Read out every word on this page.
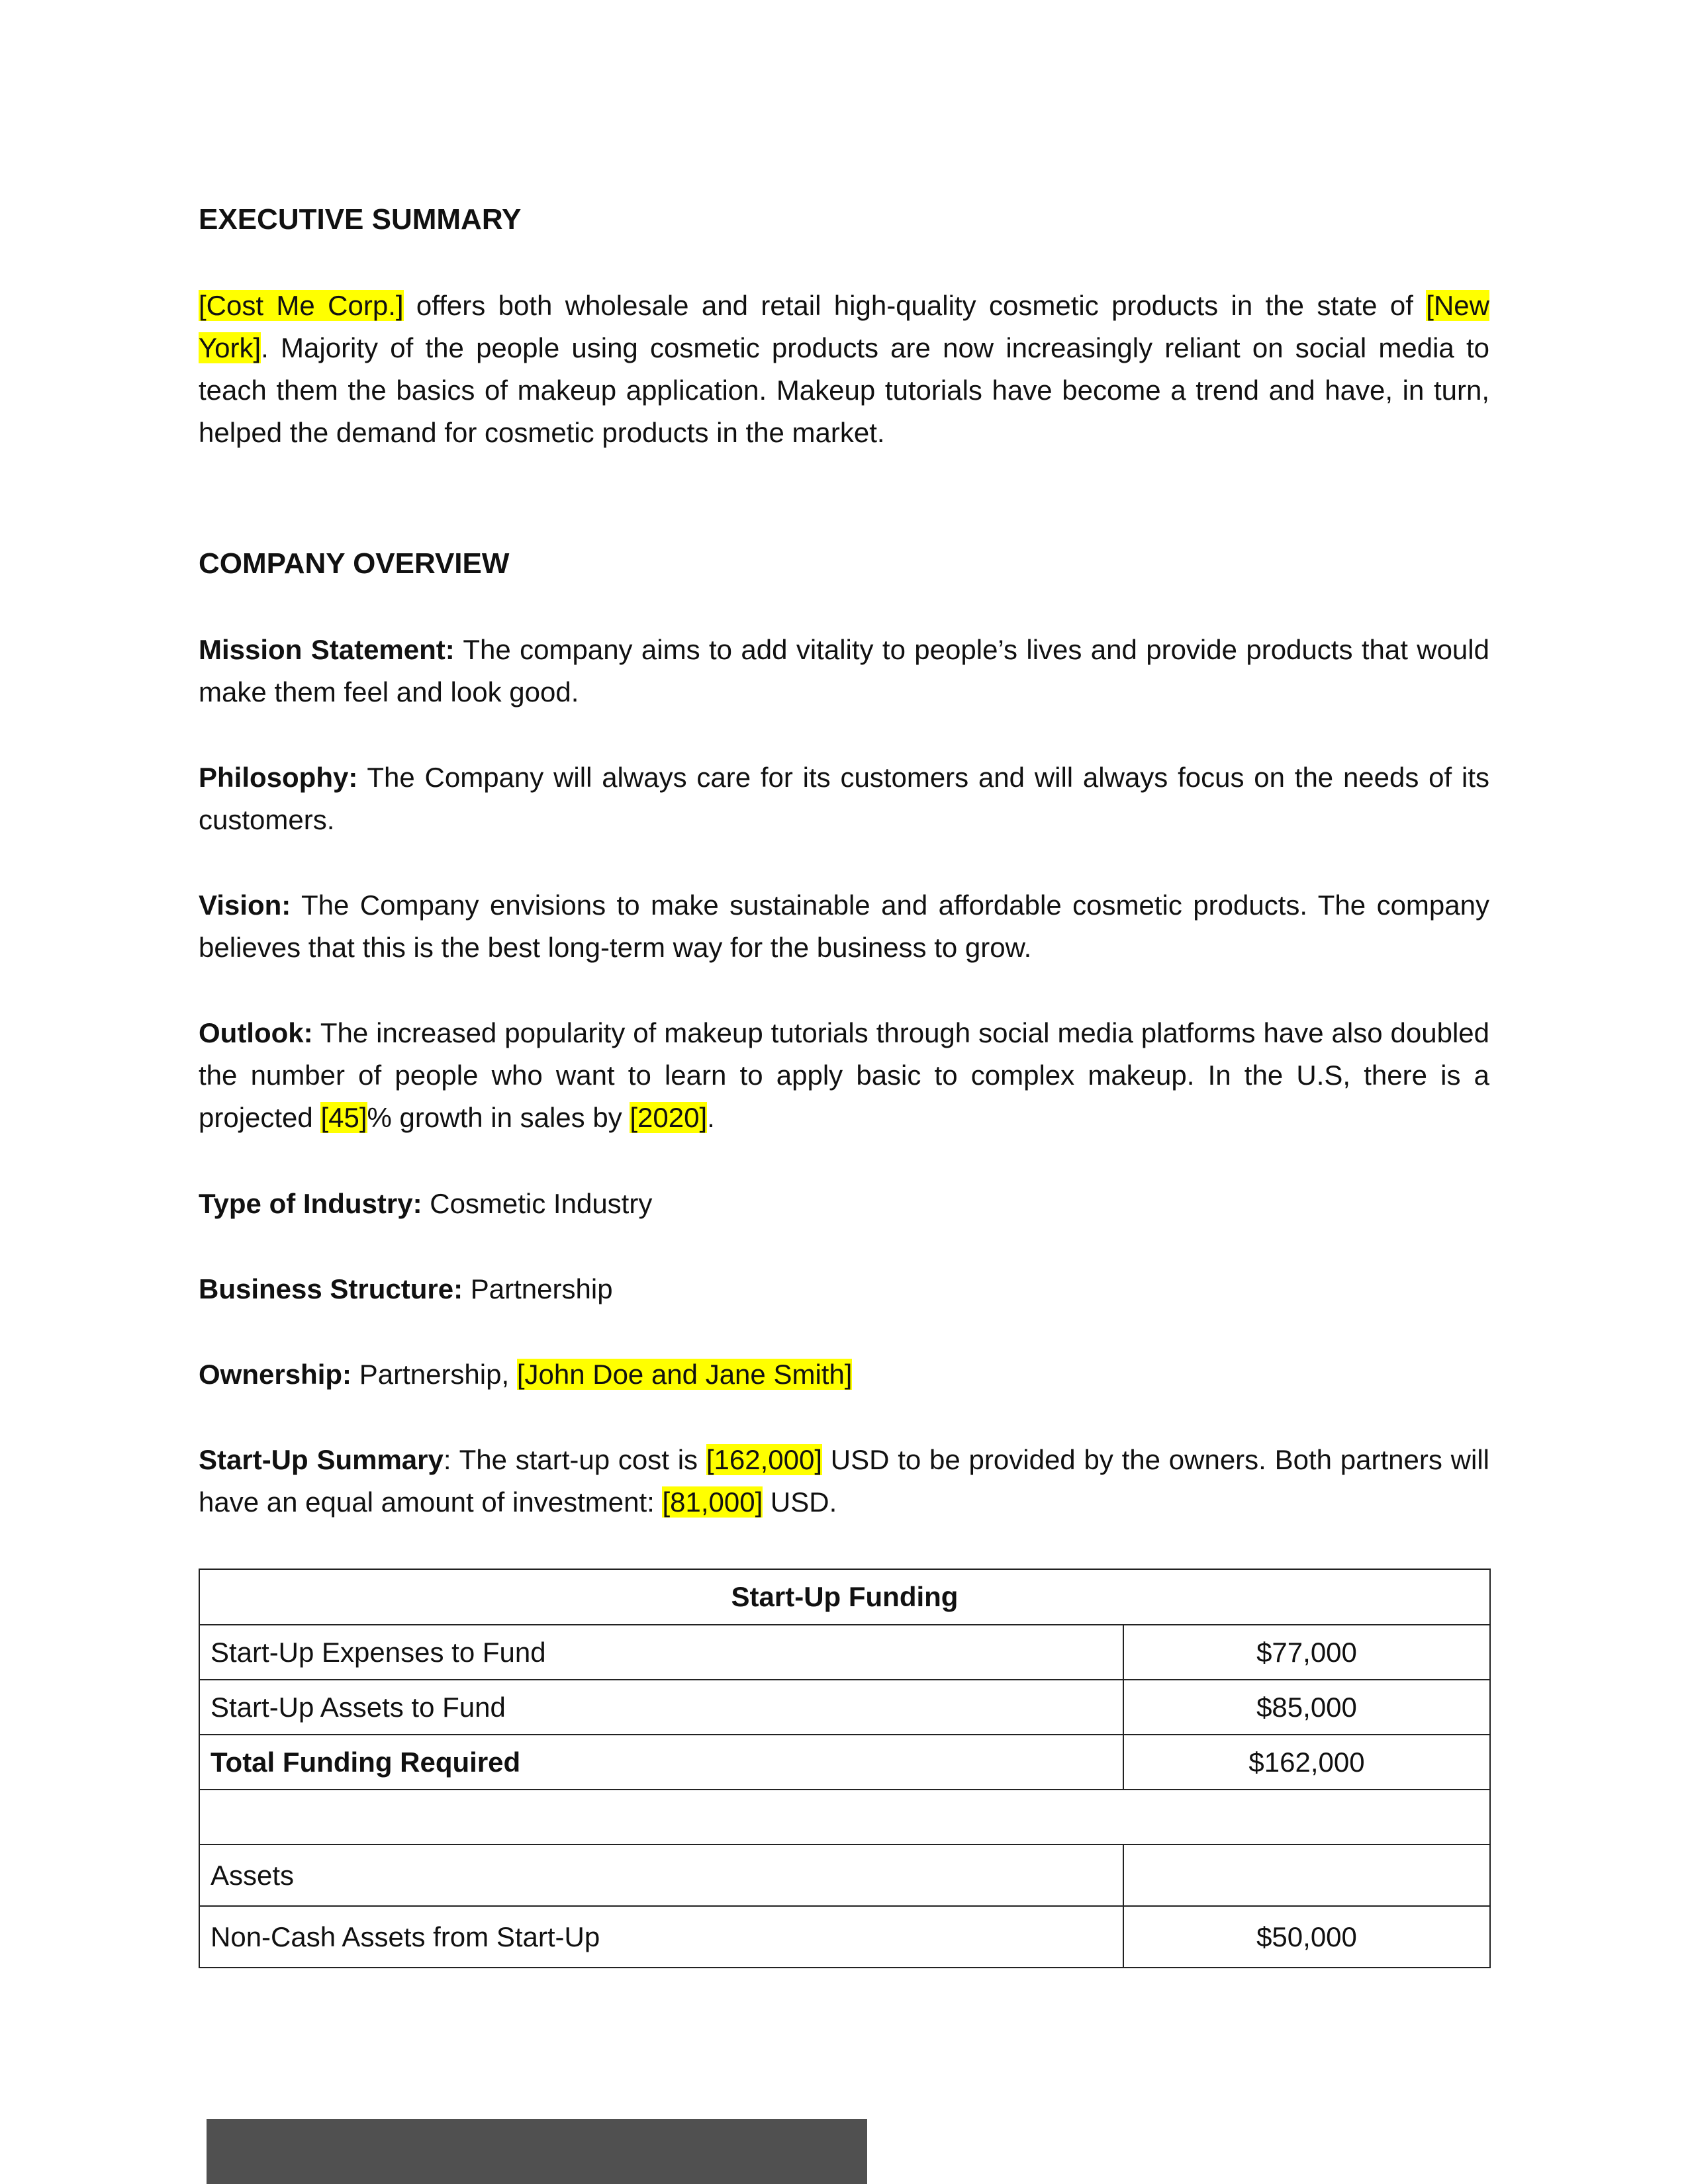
EXECUTIVE SUMMARY

[Cost Me Corp.] offers both wholesale and retail high-quality cosmetic products in the state of [New York]. Majority of the people using cosmetic products are now increasingly reliant on social media to teach them the basics of makeup application. Makeup tutorials have become a trend and have, in turn, helped the demand for cosmetic products in the market.

COMPANY OVERVIEW

Mission Statement: The company aims to add vitality to people’s lives and provide products that would make them feel and look good.

Philosophy: The Company will always care for its customers and will always focus on the needs of its customers.

Vision: The Company envisions to make sustainable and affordable cosmetic products. The company believes that this is the best long-term way for the business to grow.

Outlook: The increased popularity of makeup tutorials through social media platforms have also doubled the number of people who want to learn to apply basic to complex makeup. In the U.S, there is a projected [45]% growth in sales by [2020].

Type of Industry: Cosmetic Industry

Business Structure: Partnership

Ownership: Partnership, [John Doe and Jane Smith]

Start-Up Summary: The start-up cost is [162,000] USD to be provided by the owners. Both partners will have an equal amount of investment: [81,000] USD.

Start-Up Funding	
Start-Up Expenses to Fund	$77,000
Start-Up Assets to Fund	$85,000
Total Funding Required	$162,000

Assets	
Non-Cash Assets from Start-Up	$50,000
